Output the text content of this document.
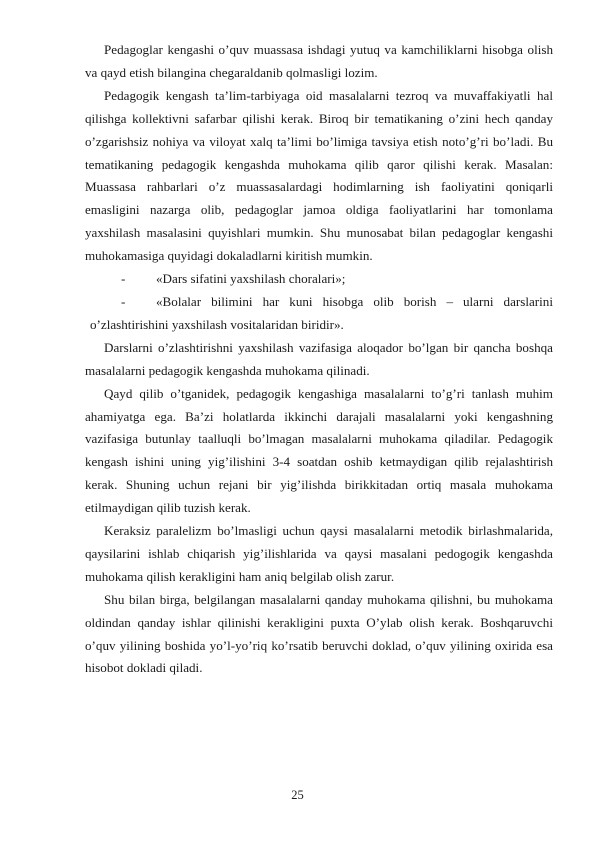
Pedagoglar kengashi o’quv muassasa ishdagi yutuq va kamchiliklarni hisobga olish va qayd etish bilangina chegaraldanib qolmasligi lozim.

Pedagogik kengash ta’lim-tarbiyaga oid masalalarni tezroq va muvaffakiyatli hal qilishga kollektivni safarbar qilishi kerak. Biroq bir tematikaning o’zini hech qanday o’zgarishsiz nohiya va viloyat xalq ta’limi bo’limiga tavsiya etish noto’g’ri bo’ladi. Bu tematikaning pedagogik kengashda muhokama qilib qaror qilishi kerak. Masalan: Muassasa rahbarlari o’z muassasalardagi hodimlarning ish faoliyatini qoniqarli emasligini nazarga olib, pedagoglar jamoa oldiga faoliyatlarini har tomonlama yaxshilash masalasini quyishlari mumkin. Shu munosabat bilan pedagoglar kengashi muhokamasiga quyidagi dokaladlarni kiritish mumkin.

- «Dars sifatini yaxshilash choralari»;

- «Bolalar bilimini har kuni hisobga olib borish – ularni darslarini o’zlashtirishini yaxshilash vositalaridan biridir».

Darslarni o’zlashtirishni yaxshilash vazifasiga aloqador bo’lgan bir qancha boshqa masalalarni pedagogik kengashda muhokama qilinadi.

Qayd qilib o’tganidek, pedagogik kengashiga masalalarni to’g’ri tanlash muhim ahamiyatga ega. Ba’zi holatlarda ikkinchi darajali masalalarni yoki kengashning vazifasiga butunlay taalluqli bo’lmagan masalalarni muhokama qiladilar. Pedagogik kengash ishini uning yig’ilishini 3-4 soatdan oshib ketmaydigan qilib rejalashtirish kerak. Shuning uchun rejani bir yig’ilishda birikkitadan ortiq masala muhokama etilmaydigan qilib tuzish kerak.

Keraksiz paralelizm bo’lmasligi uchun qaysi masalalarni metodik birlashmalarida, qaysilarini ishlab chiqarish yig’ilishlarida va qaysi masalani pedogogik kengashda muhokama qilish kerakligini ham aniq belgilab olish zarur.

Shu bilan birga, belgilangan masalalarni qanday muhokama qilishni, bu muhokama oldindan qanday ishlar qilinishi kerakligini puxta O’ylab olish kerak. Boshqaruvchi o’quv yilining boshida yo’l-yo’riq ko’rsatib beruvchi doklad, o’quv yilining oxirida esa hisobot dokladi qiladi.

25
